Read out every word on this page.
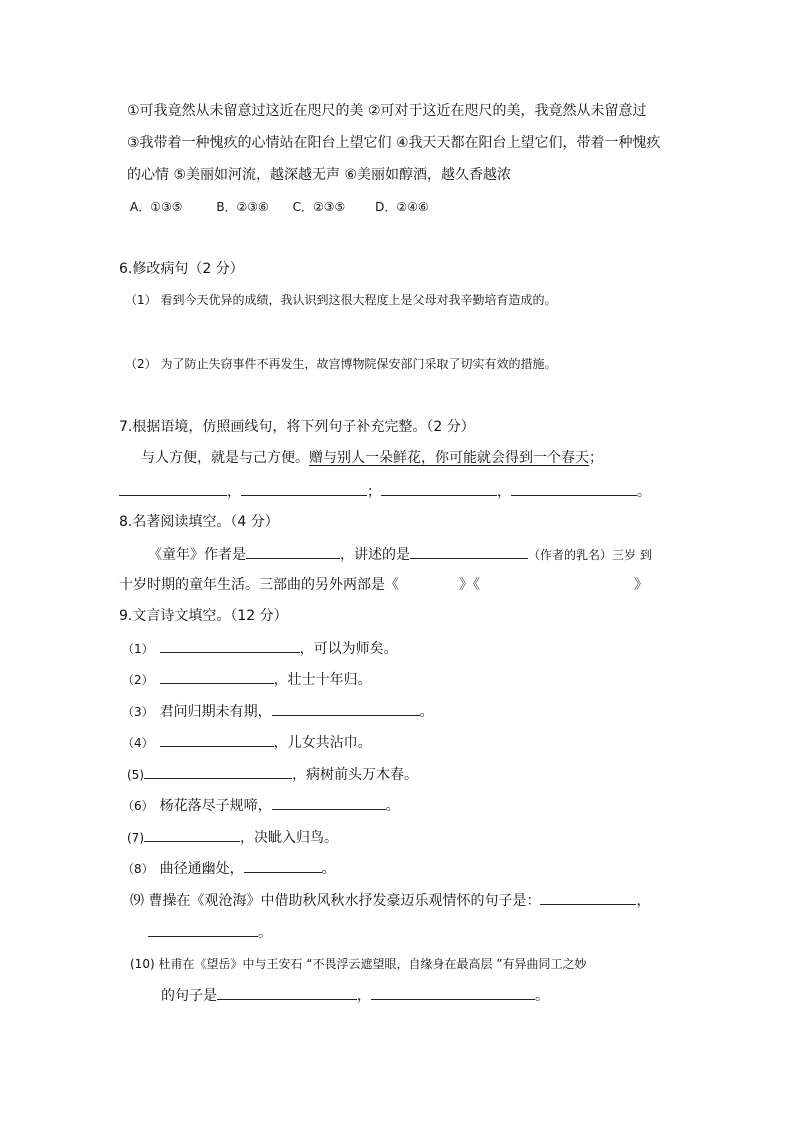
①可我竟然从未留意过这近在咫尺的美 ②可对于这近在咫尺的美，我竟然从未留意过
③我带着一种愧疚的心情站在阳台上望它们 ④我天天都在阳台上望它们，带着一种愧疚
的心情 ⑤美丽如河流，越深越无声 ⑥美丽如醇酒，越久香越浓
A．①③⑤	B．②③⑥ C．②③⑤ D．②④⑥
6.修改病句（2 分）
（1） 看到今天优异的成绩，我认识到这很大程度上是父母对我辛勤培育造成的。
（2） 为了防止失窃事件不再发生，故宫博物院保安部门采取了切实有效的措施。
7.根据语境，仿照画线句，将下列句子补充完整。（2 分）
与人方便，就是与己方便。赠与别人一朵鲜花，你可能就会得到一个春天；
，	；	，	。
8.名著阅读填空。（4 分）
《童年》作者是	，讲述的是	（作者的乳名）三岁 到
十岁时期的童年生活。三部曲的另外两部是《	》《	》
9.文言诗文填空。（12 分）
（1）	，可以为师矣。
（2）	，壮士十年归。
（3） 君问归期未有期，	。
（4）	，儿女共沾巾。
(5)	，病树前头万木春。
（6） 杨花落尽子规啼，	。
(7)	，决眦入归鸟。
（8） 曲径通幽处，	。
⑼ 曹操在《观沧海》中借助秋风秋水抒发豪迈乐观情怀的句子是：	，
。
(10) 杜甫在《望岳》中与王安石 “不畏浮云遮望眼，自缘身在最高层 ”有异曲同工之妙
的句子是	，	。
